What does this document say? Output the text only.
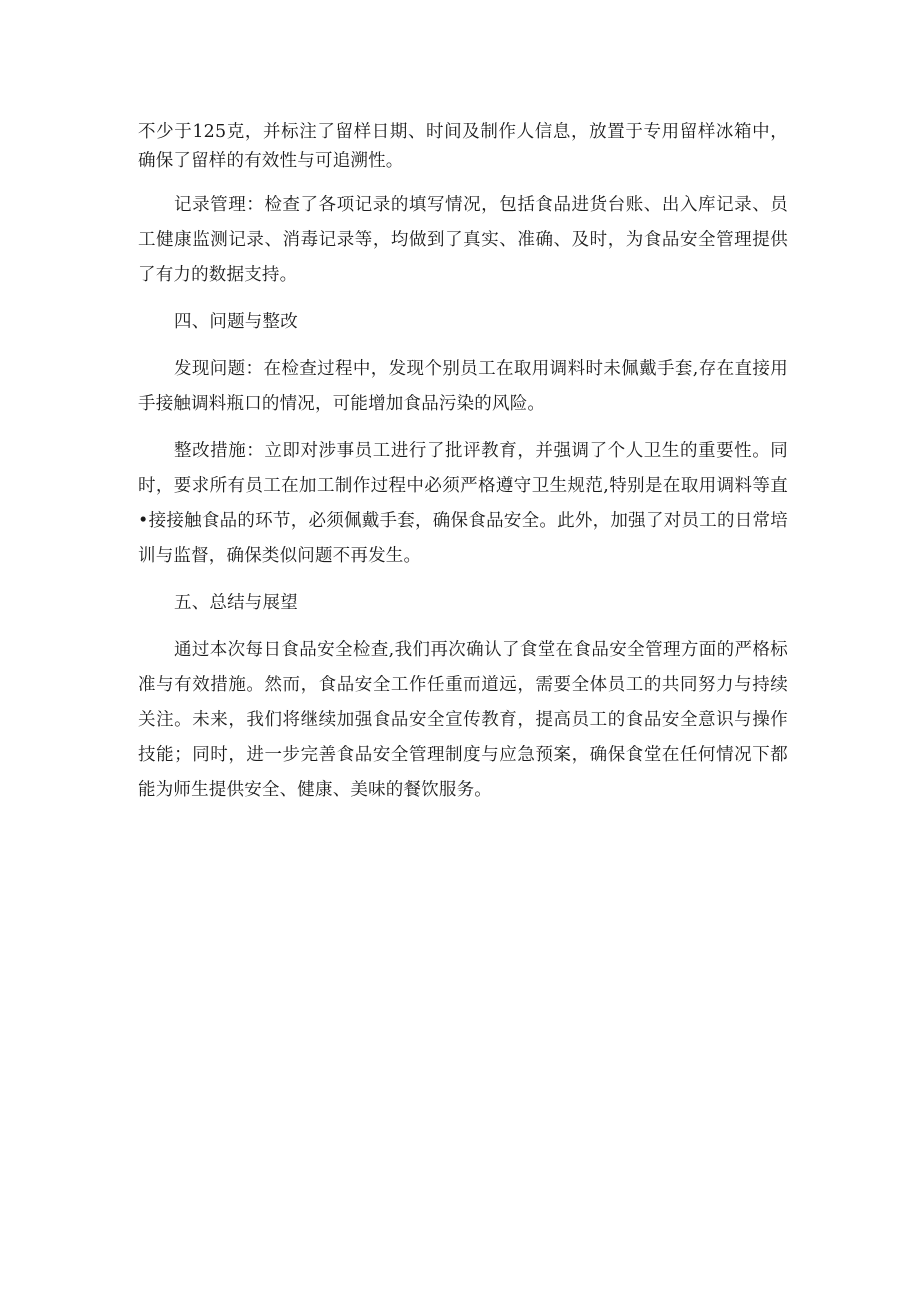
不少于125克，并标注了留样日期、时间及制作人信息，放置于专用留样冰箱中，确保了留样的有效性与可追溯性。

记录管理：检查了各项记录的填写情况，包括食品进货台账、出入库记录、员工健康监测记录、消毒记录等，均做到了真实、准确、及时，为食品安全管理提供了有力的数据支持。

四、问题与整改

发现问题：在检查过程中，发现个别员工在取用调料时未佩戴手套,存在直接用手接触调料瓶口的情况，可能增加食品污染的风险。

整改措施：立即对涉事员工进行了批评教育，并强调了个人卫生的重要性。同时，要求所有员工在加工制作过程中必须严格遵守卫生规范,特别是在取用调料等直•接接触食品的环节，必须佩戴手套，确保食品安全。此外，加强了对员工的日常培训与监督，确保类似问题不再发生。

五、总结与展望

通过本次每日食品安全检查,我们再次确认了食堂在食品安全管理方面的严格标准与有效措施。然而，食品安全工作任重而道远，需要全体员工的共同努力与持续关注。未来，我们将继续加强食品安全宣传教育，提高员工的食品安全意识与操作技能；同时，进一步完善食品安全管理制度与应急预案，确保食堂在任何情况下都能为师生提供安全、健康、美味的餐饮服务。
